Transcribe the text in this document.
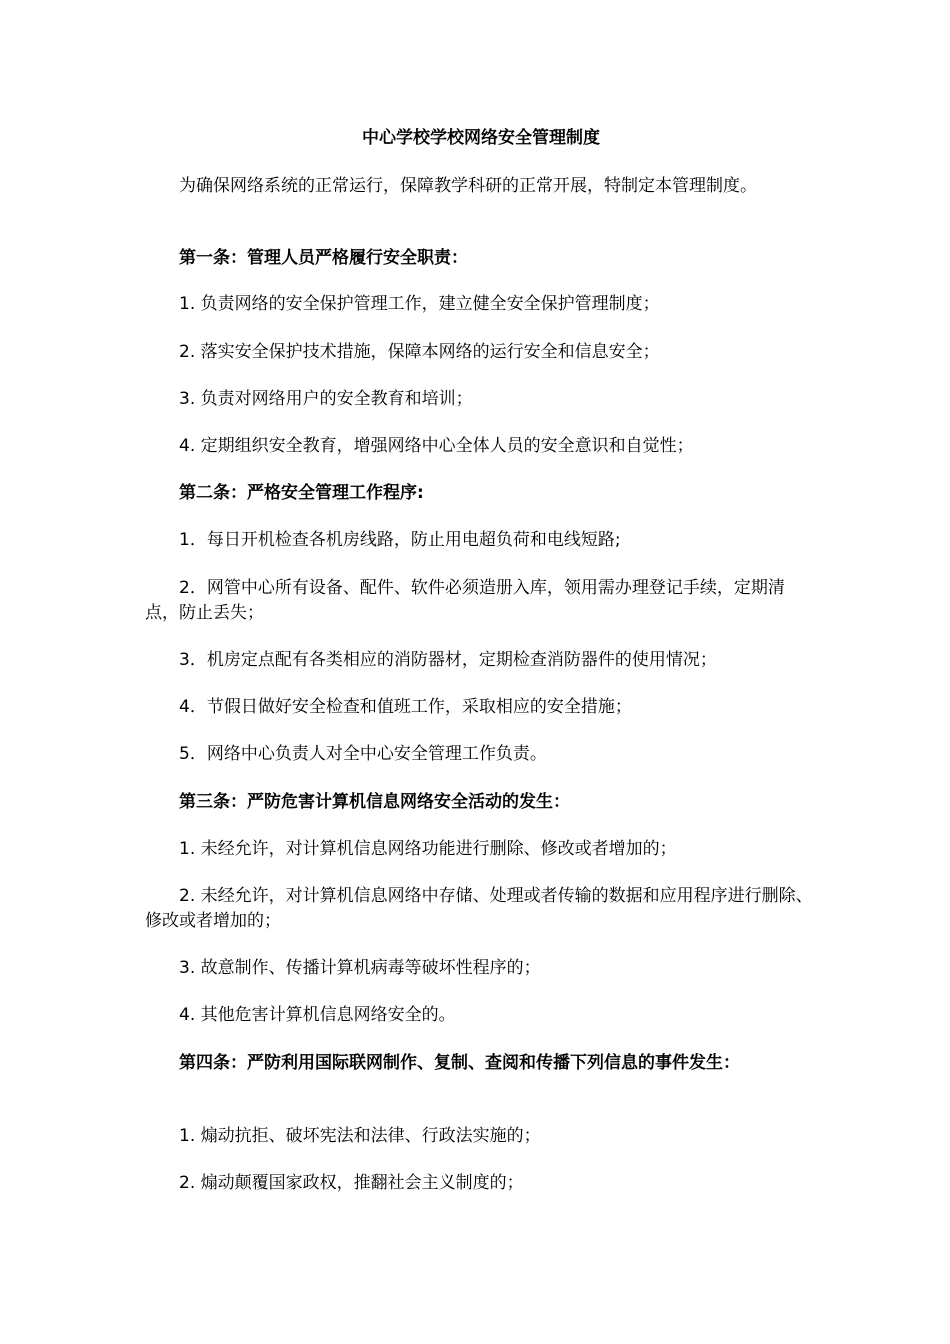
中心学校学校网络安全管理制度

为确保网络系统的正常运行，保障教学科研的正常开展，特制定本管理制度。

第一条：管理人员严格履行安全职责：

1. 负责网络的安全保护管理工作，建立健全安全保护管理制度；

2. 落实安全保护技术措施，保障本网络的运行安全和信息安全；

3. 负责对网络用户的安全教育和培训；

4. 定期组织安全教育，增强网络中心全体人员的安全意识和自觉性；

第二条：严格安全管理工作程序:

1．每日开机检查各机房线路，防止用电超负荷和电线短路;

2．网管中心所有设备、配件、软件必须造册入库，领用需办理登记手续，定期清点，防止丢失；

3．机房定点配有各类相应的消防器材，定期检查消防器件的使用情况；

4．节假日做好安全检查和值班工作，采取相应的安全措施；

5．网络中心负责人对全中心安全管理工作负责。

第三条：严防危害计算机信息网络安全活动的发生：

1. 未经允许，对计算机信息网络功能进行删除、修改或者增加的；

2. 未经允许，对计算机信息网络中存储、处理或者传输的数据和应用程序进行删除、修改或者增加的；

3. 故意制作、传播计算机病毒等破坏性程序的；

4. 其他危害计算机信息网络安全的。

第四条：严防利用国际联网制作、复制、查阅和传播下列信息的事件发生：

1. 煽动抗拒、破坏宪法和法律、行政法实施的；

2. 煽动颠覆国家政权，推翻社会主义制度的；
